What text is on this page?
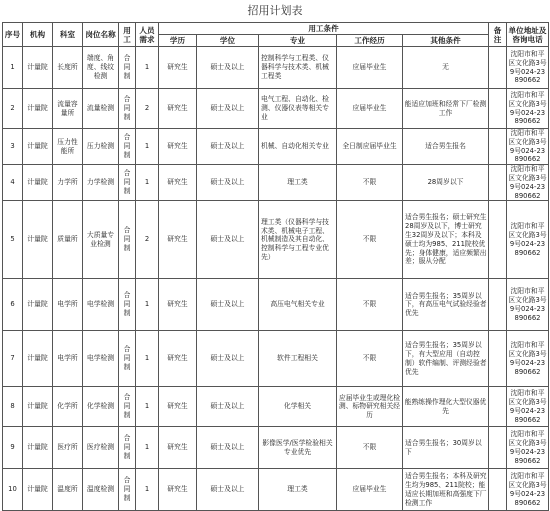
招用计划表
序号	机构	科室	岗位名称	用工	人员需求	用工条件					备注	单位地址及咨询电话
						学历	学位	专业	工作经历	其他条件		
1	计量院	长度所	端度、角度、线纹检测	合同制	1	研究生	硕士及以上	控制科学与工程类、仪器科学与技术类、机械工程类	应届毕业生	无		沈阳市和平区文化路3号9号024-23890662
2	计量院	流量容量所	流量检测	合同制	2	研究生	硕士及以上	电气工程、自动化、检测、仪器仪表等相关专业	应届毕业生	能适应加班和经常下厂检测工作		沈阳市和平区文化路3号9号024-23890662
3	计量院	压力性能所	压力检测	合同制	1	研究生	硕士及以上	机械、自动化相关专业	全日制应届毕业生	适合男生报名		沈阳市和平区文化路3号9号024-23890662
4	计量院	力学所	力学检测	合同制	1	研究生	硕士及以上	理工类	不限	28周岁以下		沈阳市和平区文化路3号9号024-23890662
5	计量院	质量所	大质量专业检测	合同制	2	研究生	硕士及以上	理工类（仪器科学与技术类、机械电子工程、机械制造及其自动化、控制科学与工程专业优先）	不限	适合男生报名；硕士研究生28周岁及以下，博士研究生32周岁及以下；本科及硕士均为985、211院校优先；身体健康，适应频繁出差；服从分配		沈阳市和平区文化路3号9号024-23890662
6	计量院	电学所	电学检测	合同制	1	研究生	硕士及以上	高压电气相关专业	不限	适合男生报名；35周岁以下，有高压电气试验经验者优先		沈阳市和平区文化路3号9号024-23890662
7	计量院	电学所	电学检测	合同制	1	研究生	硕士及以上	软件工程相关	不限	适合男生报名；35周岁以下，有大型应用（自动控制）软件编制、评测经验者优先		沈阳市和平区文化路3号9号024-23890662
8	计量院	化学所	化学检测	合同制	1	研究生	硕士及以上	化学相关	应届毕业生或理化检测、标物研究相关经历	能熟练操作理化大型仪器优先		沈阳市和平区文化路3号9号024-23890662
9	计量院	医疗所	医疗检测	合同制	1	研究生	硕士及以上	影像医学/医学检验相关专业优先	不限	适合男生报名；30周岁以下		沈阳市和平区文化路3号9号024-23890662
10	计量院	温度所	温度检测	合同制	1	研究生	硕士及以上	理工类	应届毕业生	适合男生报名；本科及研究生均为985、211院校；能适应长期加班和高强度下厂检测工作		沈阳市和平区文化路3号9号024-23890662
